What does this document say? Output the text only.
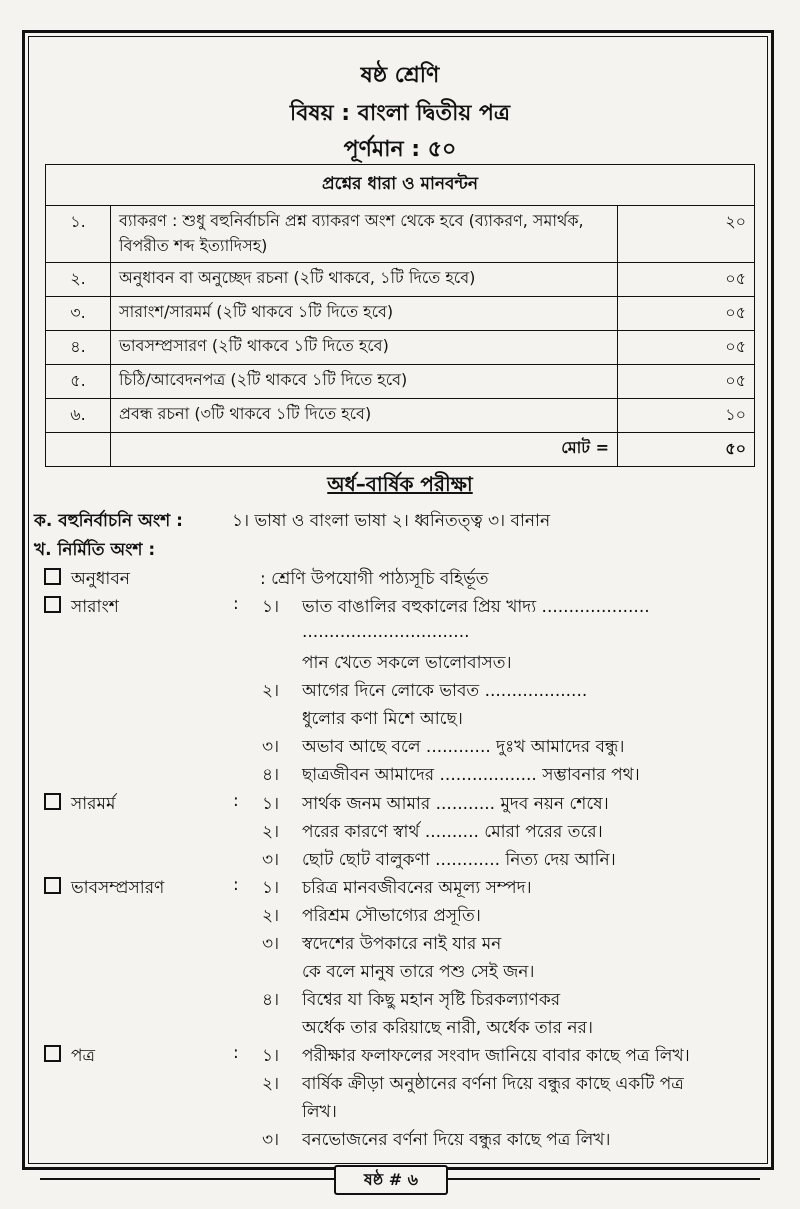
ষষ্ঠ শ্রেণি
বিষয় : বাংলা দ্বিতীয় পত্র
পূর্ণমান : ৫০
প্রশ্নের ধারা ও মানবন্টন		
১.	ব্যাকরণ : শুধু বহুনির্বাচনি প্রশ্ন ব্যাকরণ অংশ থেকে হবে (ব্যাকরণ, সমার্থক, বিপরীত শব্দ ইত্যাদিসহ)	২০
২.	অনুধাবন বা অনুচ্ছেদ রচনা (২টি থাকবে, ১টি দিতে হবে)	০৫
৩.	সারাংশ/সারমর্ম (২টি থাকবে ১টি দিতে হবে)	০৫
৪.	ভাবসম্প্রসারণ (২টি থাকবে ১টি দিতে হবে)	০৫
৫.	চিঠি/আবেদনপত্র (২টি থাকবে ১টি দিতে হবে)	০৫
৬.	প্রবন্ধ রচনা (৩টি থাকবে ১টি দিতে হবে)	১০
	মোট =	৫০
অর্ধ–বার্ষিক পরীক্ষা
ক. বহুনির্বাচনি অংশ :	১। ভাষা ও বাংলা ভাষা ২। ধ্বনিতত্ত্ব ৩। বানান
খ. নির্মিতি অংশ :
অনুধাবন	: শ্রেণি উপযোগী পাঠ্যসূচি বহির্ভূত
সারাংশ	: ১। ভাত বাঙালির বহুকালের প্রিয় খাদ্য ....................
...............................
পান খেতে সকলে ভালোবাসত।
২। আগের দিনে লোকে ভাবত ...................
ধুলোর কণা মিশে আছে।
৩। অভাব আছে বলে ............ দুঃখ আমাদের বন্ধু।
৪। ছাত্রজীবন আমাদের .................. সম্ভাবনার পথ।
সারমর্ম	: ১। সার্থক জনম আমার ........... মুদব নয়ন শেষে।
২। পরের কারণে স্বার্থ .......... মোরা পরের তরে।
৩। ছোট ছোট বালুকণা ............ নিত্য দেয় আনি।
ভাবসম্প্রসারণ	: ১। চরিত্র মানবজীবনের অমূল্য সম্পদ।
২। পরিশ্রম সৌভাগ্যের প্রসূতি।
৩। স্বদেশের উপকারে নাই যার মন
কে বলে মানুষ তারে পশু সেই জন।
৪। বিশ্বের যা কিছু মহান সৃষ্টি চিরকল্যাণকর
অর্ধেক তার করিয়াছে নারী, অর্ধেক তার নর।
পত্র	: ১। পরীক্ষার ফলাফলের সংবাদ জানিয়ে বাবার কাছে পত্র লিখ।
২। বার্ষিক ক্রীড়া অনুষ্ঠানের বর্ণনা দিয়ে বন্ধুর কাছে একটি পত্র
লিখ।
৩। বনভোজনের বর্ণনা দিয়ে বন্ধুর কাছে পত্র লিখ।
ষষ্ঠ # ৬
